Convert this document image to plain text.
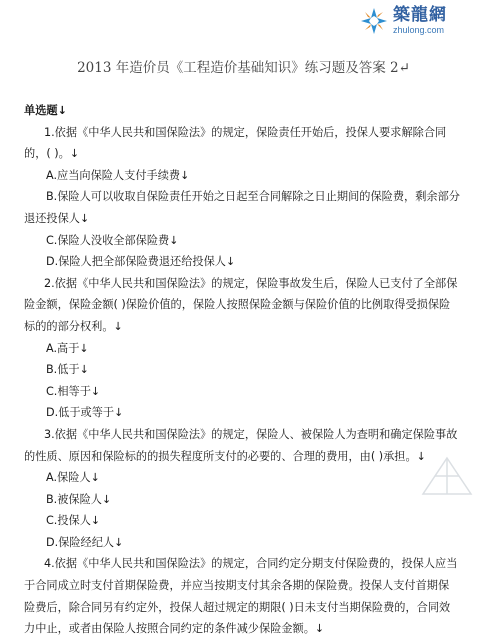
築龍網
zhulong.com
2013 年造价员《工程造价基础知识》练习题及答案 2↵

单选题↓

1.依据《中华人民共和国保险法》的规定，保险责任开始后，投保人要求解除合同的，( )。↓

A.应当向保险人支付手续费↓

B.保险人可以收取自保险责任开始之日起至合同解除之日止期间的保险费，剩余部分退还投保人↓

C.保险人没收全部保险费↓

D.保险人把全部保险费退还给投保人↓

2.依据《中华人民共和国保险法》的规定，保险事故发生后，保险人已支付了全部保险金额，保险金额( )保险价值的，保险人按照保险金额与保险价值的比例取得受损保险标的的部分权利。↓

A.高于↓

B.低于↓

C.相等于↓

D.低于或等于↓

3.依据《中华人民共和国保险法》的规定，保险人、被保险人为查明和确定保险事故的性质、原因和保险标的的损失程度所支付的必要的、合理的费用，由( )承担。↓

A.保险人↓

B.被保险人↓

C.投保人↓

D.保险经纪人↓

4.依据《中华人民共和国保险法》的规定，合同约定分期支付保险费的，投保人应当于合同成立时支付首期保险费，并应当按期支付其余各期的保险费。投保人支付首期保险费后，除合同另有约定外，投保人超过规定的期限( )日未支付当期保险费的，合同效力中止，或者由保险人按照合同约定的条件减少保险金额。↓
